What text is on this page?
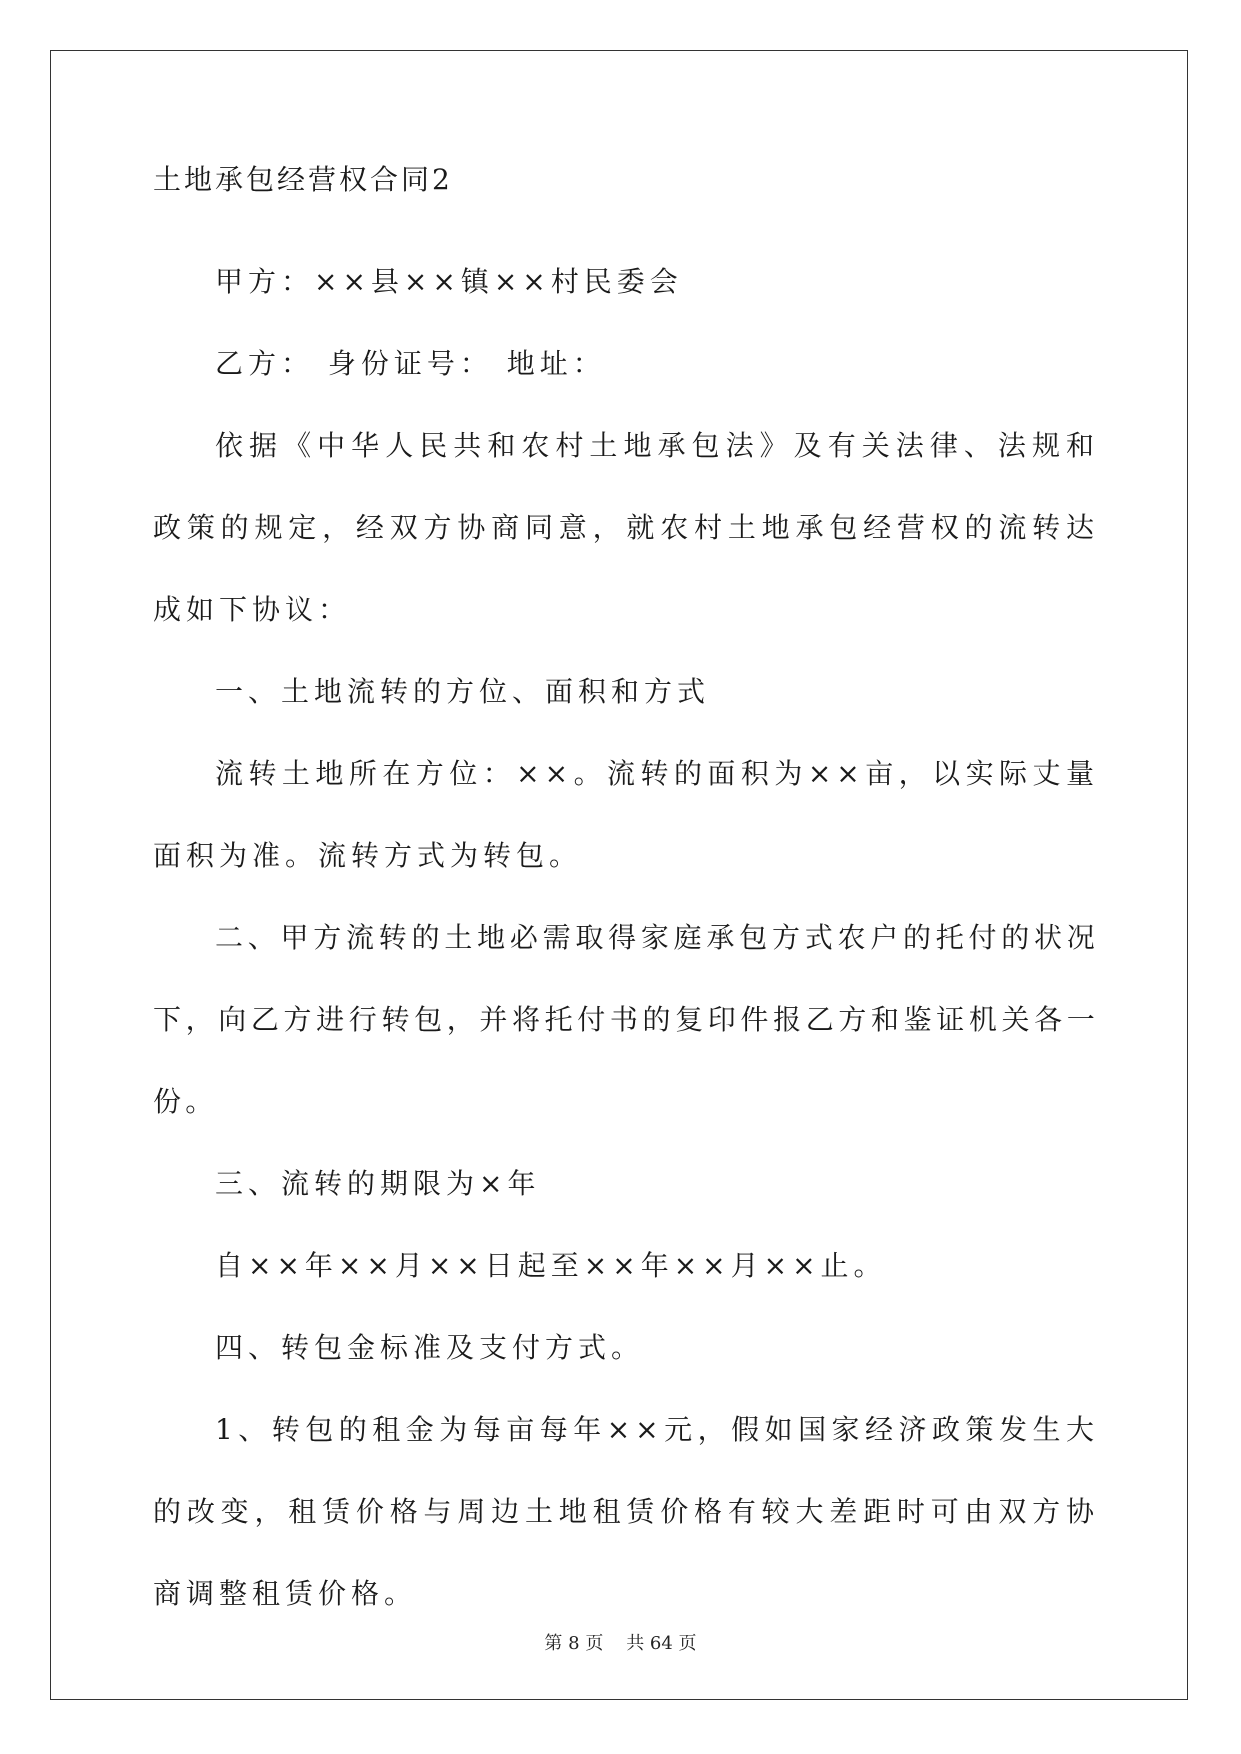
土地承包经营权合同2

甲方：××县××镇××村民委会

乙方： 身份证号： 地址：

依据《中华人民共和农村土地承包法》及有关法律、法规和政策的规定，经双方协商同意，就农村土地承包经营权的流转达成如下协议：

一、土地流转的方位、面积和方式

流转土地所在方位：××。流转的面积为××亩，以实际丈量面积为准。流转方式为转包。

二、甲方流转的土地必需取得家庭承包方式农户的托付的状况下，向乙方进行转包，并将托付书的复印件报乙方和鉴证机关各一份。

三、流转的期限为×年

自××年××月××日起至××年××月××止。

四、转包金标准及支付方式。

1、转包的租金为每亩每年××元，假如国家经济政策发生大的改变，租赁价格与周边土地租赁价格有较大差距时可由双方协商调整租赁价格。

第 8 页    共 64 页
